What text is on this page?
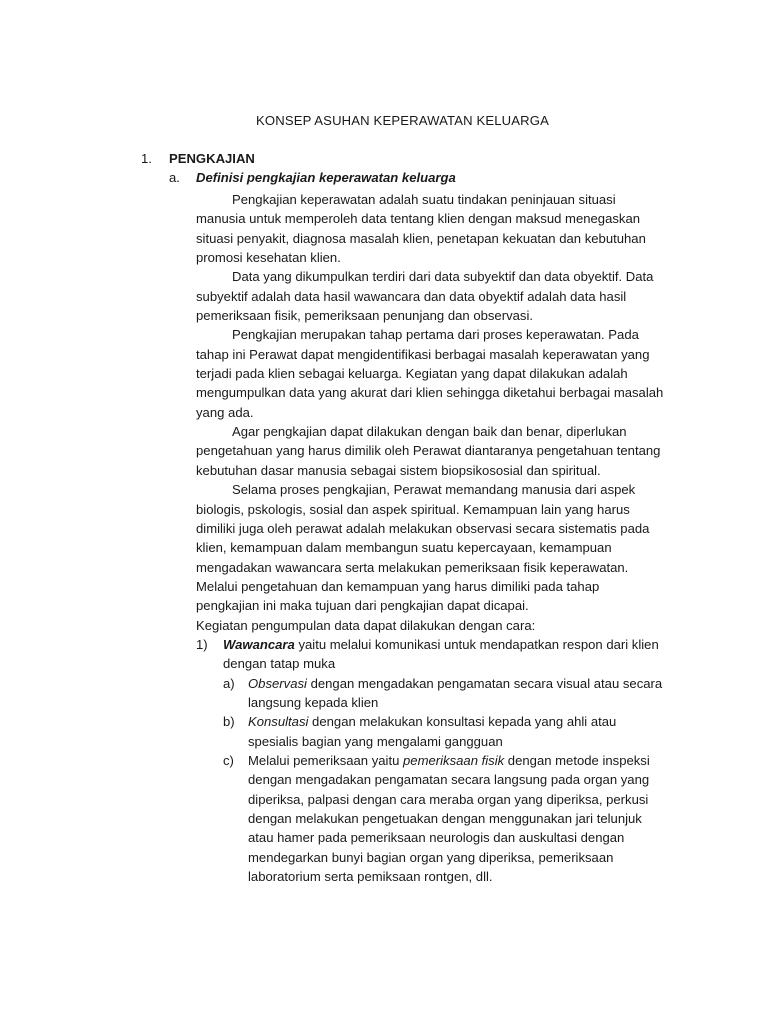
KONSEP ASUHAN KEPERAWATAN KELUARGA
1. PENGKAJIAN
a. Definisi pengkajian keperawatan keluarga

Pengkajian keperawatan adalah suatu tindakan peninjauan situasi manusia untuk memperoleh data tentang klien dengan maksud menegaskan situasi penyakit, diagnosa masalah klien, penetapan kekuatan dan kebutuhan promosi kesehatan klien.

Data yang dikumpulkan terdiri dari data subyektif dan data obyektif. Data subyektif adalah data hasil wawancara dan data obyektif adalah data hasil pemeriksaan fisik, pemeriksaan penunjang dan observasi.

Pengkajian merupakan tahap pertama dari proses keperawatan. Pada tahap ini Perawat dapat mengidentifikasi berbagai masalah keperawatan yang terjadi pada klien sebagai keluarga. Kegiatan yang dapat dilakukan adalah mengumpulkan data yang akurat dari klien sehingga diketahui berbagai masalah yang ada.

Agar pengkajian dapat dilakukan dengan baik dan benar, diperlukan pengetahuan yang harus dimilik oleh Perawat diantaranya pengetahuan tentang kebutuhan dasar manusia sebagai sistem biopsikososial dan spiritual.

Selama proses pengkajian, Perawat memandang manusia dari aspek biologis, pskologis, sosial dan aspek spiritual. Kemampuan lain yang harus dimiliki juga oleh perawat adalah melakukan observasi secara sistematis pada klien, kemampuan dalam membangun suatu kepercayaan, kemampuan mengadakan wawancara serta melakukan pemeriksaan fisik keperawatan. Melalui pengetahuan dan kemampuan yang harus dimiliki pada tahap pengkajian ini maka tujuan dari pengkajian dapat dicapai.

Kegiatan pengumpulan data dapat dilakukan dengan cara:

1) Wawancara yaitu melalui komunikasi untuk mendapatkan respon dari klien dengan tatap muka
a) Observasi dengan mengadakan pengamatan secara visual atau secara langsung kepada klien
b) Konsultasi dengan melakukan konsultasi kepada yang ahli atau spesialis bagian yang mengalami gangguan
c) Melalui pemeriksaan yaitu pemeriksaan fisik dengan metode inspeksi dengan mengadakan pengamatan secara langsung pada organ yang diperiksa, palpasi dengan cara meraba organ yang diperiksa, perkusi dengan melakukan pengetuakan dengan menggunakan jari telunjuk atau hamer pada pemeriksaan neurologis dan auskultasi dengan mendegarkan bunyi bagian organ yang diperiksa, pemeriksaan laboratorium serta pemiksaan rontgen, dll.
